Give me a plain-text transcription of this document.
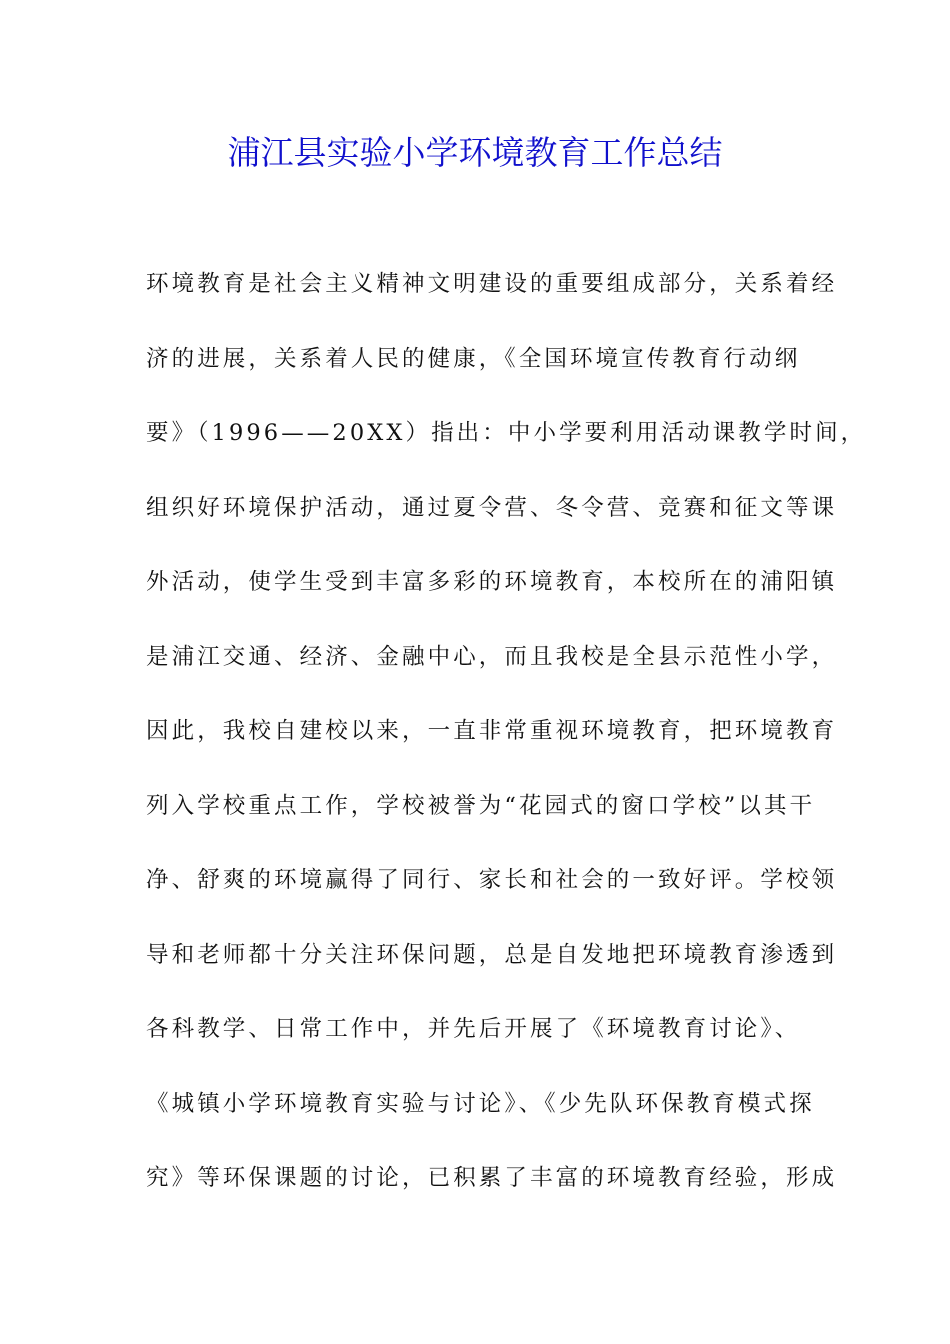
浦江县实验小学环境教育工作总结
环境教育是社会主义精神文明建设的重要组成部分，关系着经
济的进展，关系着人民的健康，《全国环境宣传教育行动纲
要》（1996——20XX）指出：中小学要利用活动课教学时间，
组织好环境保护活动，通过夏令营、冬令营、竞赛和征文等课
外活动，使学生受到丰富多彩的环境教育，本校所在的浦阳镇
是浦江交通、经济、金融中心，而且我校是全县示范性小学，
因此，我校自建校以来，一直非常重视环境教育，把环境教育
列入学校重点工作，学校被誉为“花园式的窗口学校”以其干
净、舒爽的环境赢得了同行、家长和社会的一致好评。学校领
导和老师都十分关注环保问题，总是自发地把环境教育渗透到
各科教学、日常工作中，并先后开展了《环境教育讨论》、
《城镇小学环境教育实验与讨论》、《少先队环保教育模式探
究》等环保课题的讨论，已积累了丰富的环境教育经验，形成
